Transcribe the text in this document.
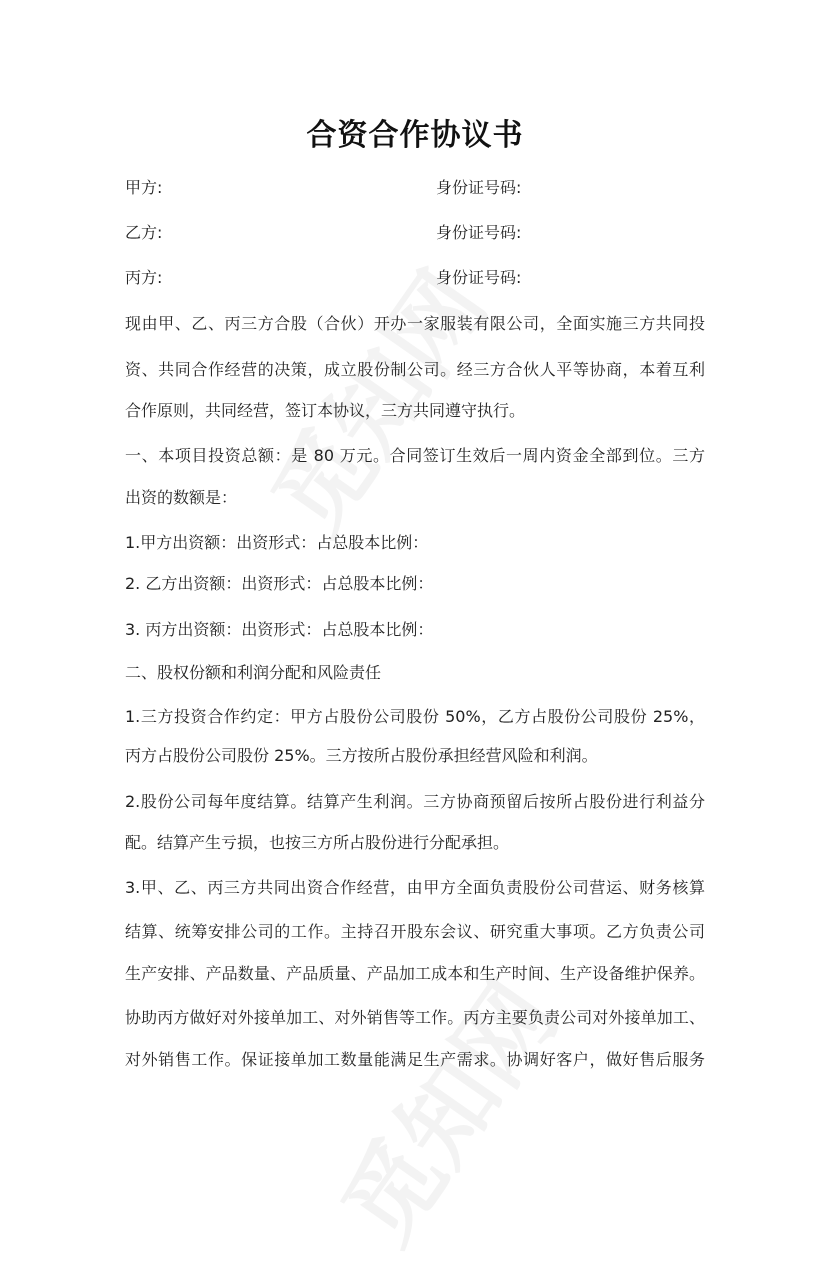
合资合作协议书
甲方:	身份证号码:
乙方:	身份证号码:
丙方:	身份证号码:
现由甲、乙、丙三方合股（合伙）开办一家服装有限公司，全面实施三方共同投
资、共同合作经营的决策，成立股份制公司。经三方合伙人平等协商，本着互利
合作原则，共同经营，签订本协议，三方共同遵守执行。
一、本项目投资总额：是 80 万元。合同签订生效后一周内资金全部到位。三方
出资的数额是：
1.甲方出资额：出资形式：占总股本比例：
2. 乙方出资额：出资形式：占总股本比例：
3. 丙方出资额：出资形式：占总股本比例：
二、股权份额和利润分配和风险责任
1.三方投资合作约定：甲方占股份公司股份 50%，乙方占股份公司股份 25%，
丙方占股份公司股份 25%。三方按所占股份承担经营风险和利润。
2.股份公司每年度结算。结算产生利润。三方协商预留后按所占股份进行利益分
配。结算产生亏损，也按三方所占股份进行分配承担。
3.甲、乙、丙三方共同出资合作经营，由甲方全面负责股份公司营运、财务核算
结算、统筹安排公司的工作。主持召开股东会议、研究重大事项。乙方负责公司
生产安排、产品数量、产品质量、产品加工成本和生产时间、生产设备维护保养。
协助丙方做好对外接单加工、对外销售等工作。丙方主要负责公司对外接单加工、
对外销售工作。保证接单加工数量能满足生产需求。协调好客户，做好售后服务
